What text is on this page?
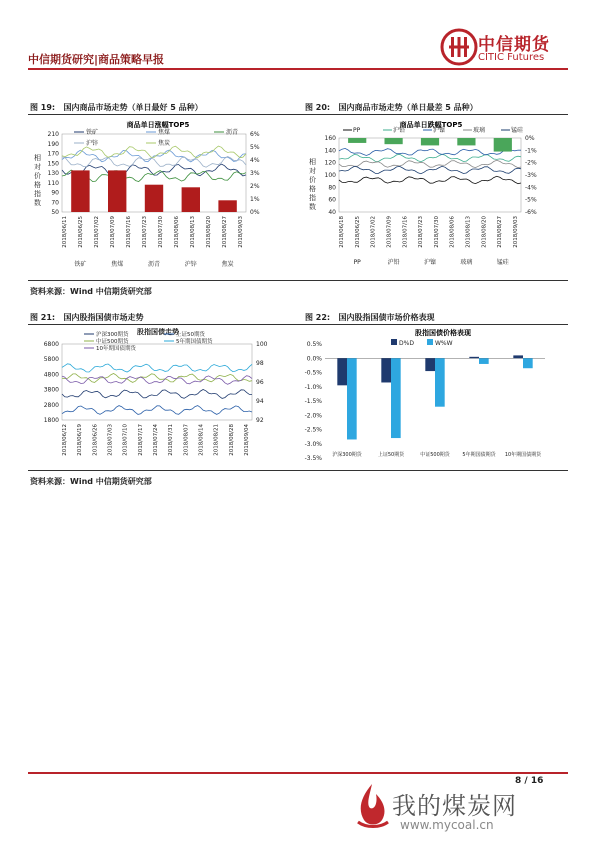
中信期货研究|商品策略早报
中信期货
CITIC Futures
图 19: 国内商品市场走势（单日最好 5 品种）	图 20: 国内商品市场走势（单日最差 5 品种）
商品单日涨幅TOP5
210
190
170
150
130
110
90
70
50
6%
5%
4%
3%
2%
1%
0%
相对价格指数
铁矿	焦煤	沥青
沪锌	焦炭
2018/06/11 2018/06/25 2018/07/02 2018/07/09 2018/07/16 2018/07/23 2018/07/30 2018/08/06 2018/08/13 2018/08/20 2018/08/27 2018/09/03
铁矿	焦煤	沥青	沪锌	焦炭
商品单日跌幅TOP5
160
140
120
100
80
60
40
0%
-1%
-2%
-3%
-4%
-5%
-6%
相对价格指数
PP	沪铅	沪镍	玻璃	锰硅
2018/06/18 2018/06/25 2018/07/02 2018/07/09 2018/07/16 2018/07/23 2018/07/30 2018/08/06 2018/08/13 2018/08/20 2018/08/27 2018/09/03
PP	沪铅	沪镍	玻璃	锰硅
资料来源：Wind 中信期货研究部
图 21: 国内股指国债市场走势	图 22: 国内股指国债市场价格表现
股指国债走势
6800
5800
4800
3800
2800
1800
100
98
96
94
92
沪深300期货	上证50期货
中证500期货	5年期国债期货
10年期国债期货
2018/06/12 2018/06/19 2018/06/26 2018/07/03 2018/07/10 2018/07/17 2018/07/24 2018/07/31 2018/08/07 2018/08/14 2018/08/21 2018/08/28 2018/09/04
股指国债价格表现
0.5%
0.0%
-0.5%
-1.0%
-1.5%
-2.0%
-2.5%
-3.0%
-3.5%
D%D	W%W
沪深300期货	上证50期货	中证500期货	5年期国债期货 10年期国债期货
资料来源：Wind 中信期货研究部
8 / 16
我的煤炭网
www.mycoal.cn
